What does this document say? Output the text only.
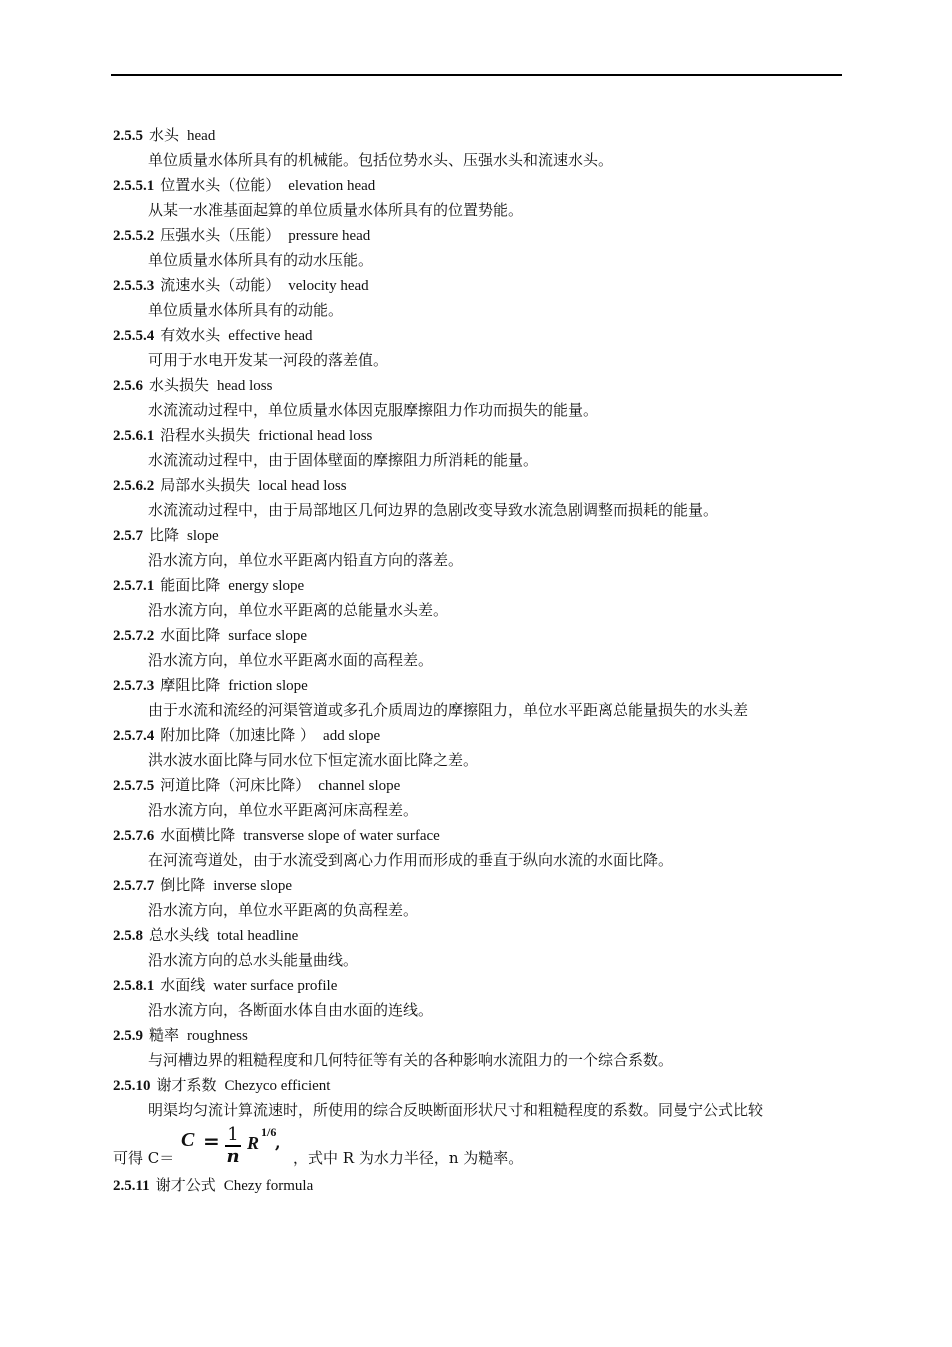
2.5.5 水头 head
单位质量水体所具有的机械能。包括位势水头、压强水头和流速水头。
2.5.5.1 位置水头（位能） elevation head
从某一水准基面起算的单位质量水体所具有的位置势能。
2.5.5.2 压强水头（压能） pressure head
单位质量水体所具有的动水压能。
2.5.5.3 流速水头（动能） velocity head
单位质量水体所具有的动能。
2.5.5.4 有效水头 effective head
可用于水电开发某一河段的落差值。
2.5.6 水头损失 head loss
水流流动过程中，单位质量水体因克服摩擦阻力作功而损失的能量。
2.5.6.1 沿程水头损失 frictional head loss
水流流动过程中，由于固体壁面的摩擦阻力所消耗的能量。
2.5.6.2 局部水头损失 local head loss
水流流动过程中，由于局部地区几何边界的急剧改变导致水流急剧调整而损耗的能量。
2.5.7 比降 slope
沿水流方向，单位水平距离内铅直方向的落差。
2.5.7.1 能面比降 energy slope
沿水流方向，单位水平距离的总能量水头差。
2.5.7.2 水面比降 surface slope
沿水流方向，单位水平距离水面的高程差。
2.5.7.3 摩阻比降 friction slope
由于水流和流经的河渠管道或多孔介质周边的摩擦阻力，单位水平距离总能量损失的水头差
2.5.7.4 附加比降（加速比降 ） add slope
洪水波水面比降与同水位下恒定流水面比降之差。
2.5.7.5 河道比降（河床比降） channel slope
沿水流方向，单位水平距离河床高程差。
2.5.7.6 水面横比降 transverse slope of water surface
在河流弯道处，由于水流受到离心力作用而形成的垂直于纵向水流的水面比降。
2.5.7.7 倒比降 inverse slope
沿水流方向，单位水平距离的负高程差。
2.5.8 总水头线 total headline
沿水流方向的总水头能量曲线。
2.5.8.1 水面线 water surface profile
沿水流方向，各断面水体自由水面的连线。
2.5.9 糙率 roughness
与河槽边界的粗糙程度和几何特征等有关的各种影响水流阻力的一个综合系数。
2.5.10 谢才系数 Chezyco efficient
明渠均匀流计算流速时，所使用的综合反映断面形状尺寸和粗糙程度的系数。同曼宁公式比较
可得 C＝
C = 1
n
R
1/6
,
，式中 R 为水力半径，n 为糙率。
2.5.11 谢才公式 Chezy formula
